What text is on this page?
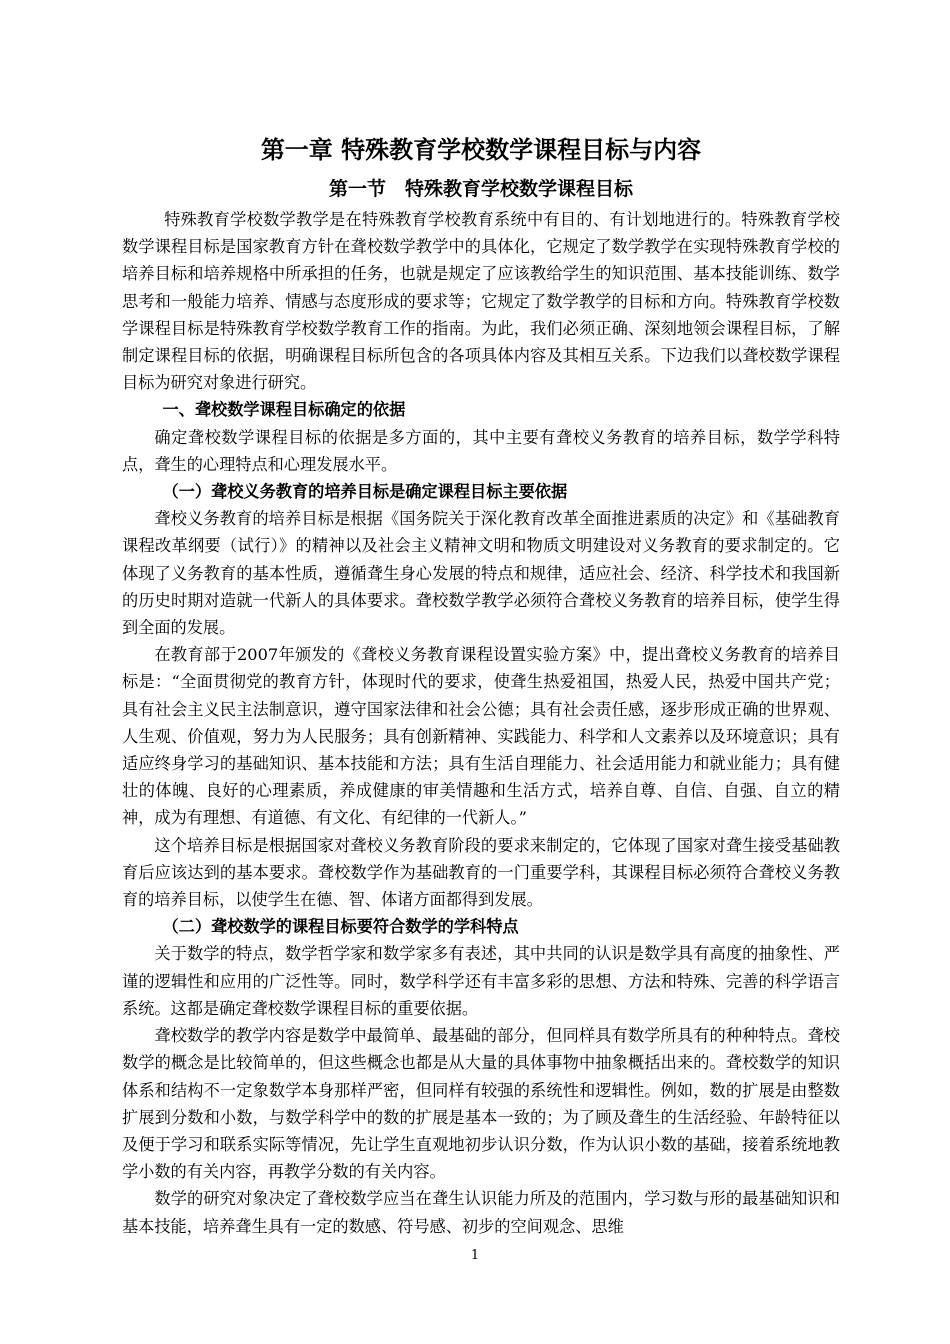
第一章 特殊教育学校数学课程目标与内容
第一节　特殊教育学校数学课程目标

特殊教育学校数学教学是在特殊教育学校教育系统中有目的、有计划地进行的。特殊教育学校数学课程目标是国家教育方针在聋校数学教学中的具体化，它规定了数学教学在实现特殊教育学校的培养目标和培养规格中所承担的任务，也就是规定了应该教给学生的知识范围、基本技能训练、数学思考和一般能力培养、情感与态度形成的要求等；它规定了数学教学的目标和方向。特殊教育学校数学课程目标是特殊教育学校数学教育工作的指南。为此，我们必须正确、深刻地领会课程目标，了解制定课程目标的依据，明确课程目标所包含的各项具体内容及其相互关系。下边我们以聋校数学课程目标为研究对象进行研究。

一、聋校数学课程目标确定的依据

确定聋校数学课程目标的依据是多方面的，其中主要有聋校义务教育的培养目标，数学学科特点，聋生的心理特点和心理发展水平。

（一）聋校义务教育的培养目标是确定课程目标主要依据

聋校义务教育的培养目标是根据《国务院关于深化教育改革全面推进素质的决定》和《基础教育课程改革纲要（试行）》的精神以及社会主义精神文明和物质文明建设对义务教育的要求制定的。它体现了义务教育的基本性质，遵循聋生身心发展的特点和规律，适应社会、经济、科学技术和我国新的历史时期对造就一代新人的具体要求。聋校数学教学必须符合聋校义务教育的培养目标，使学生得到全面的发展。

在教育部于2007年颁发的《聋校义务教育课程设置实验方案》中，提出聋校义务教育的培养目标是：“全面贯彻党的教育方针，体现时代的要求，使聋生热爱祖国，热爱人民，热爱中国共产党；具有社会主义民主法制意识，遵守国家法律和社会公德；具有社会责任感，逐步形成正确的世界观、人生观、价值观，努力为人民服务；具有创新精神、实践能力、科学和人文素养以及环境意识；具有适应终身学习的基础知识、基本技能和方法；具有生活自理能力、社会适用能力和就业能力；具有健壮的体魄、良好的心理素质，养成健康的审美情趣和生活方式，培养自尊、自信、自强、自立的精神，成为有理想、有道德、有文化、有纪律的一代新人。”

这个培养目标是根据国家对聋校义务教育阶段的要求来制定的，它体现了国家对聋生接受基础教育后应该达到的基本要求。聋校数学作为基础教育的一门重要学科，其课程目标必须符合聋校义务教育的培养目标，以使学生在德、智、体诸方面都得到发展。

（二）聋校数学的课程目标要符合数学的学科特点

关于数学的特点，数学哲学家和数学家多有表述，其中共同的认识是数学具有高度的抽象性、严谨的逻辑性和应用的广泛性等。同时，数学科学还有丰富多彩的思想、方法和特殊、完善的科学语言系统。这都是确定聋校数学课程目标的重要依据。

聋校数学的教学内容是数学中最简单、最基础的部分，但同样具有数学所具有的种种特点。聋校数学的概念是比较简单的，但这些概念也都是从大量的具体事物中抽象概括出来的。聋校数学的知识体系和结构不一定象数学本身那样严密，但同样有较强的系统性和逻辑性。例如，数的扩展是由整数扩展到分数和小数，与数学科学中的数的扩展是基本一致的；为了顾及聋生的生活经验、年龄特征以及便于学习和联系实际等情况，先让学生直观地初步认识分数，作为认识小数的基础，接着系统地教学小数的有关内容，再教学分数的有关内容。

数学的研究对象决定了聋校数学应当在聋生认识能力所及的范围内，学习数与形的最基础知识和基本技能，培养聋生具有一定的数感、符号感、初步的空间观念、思维

1
